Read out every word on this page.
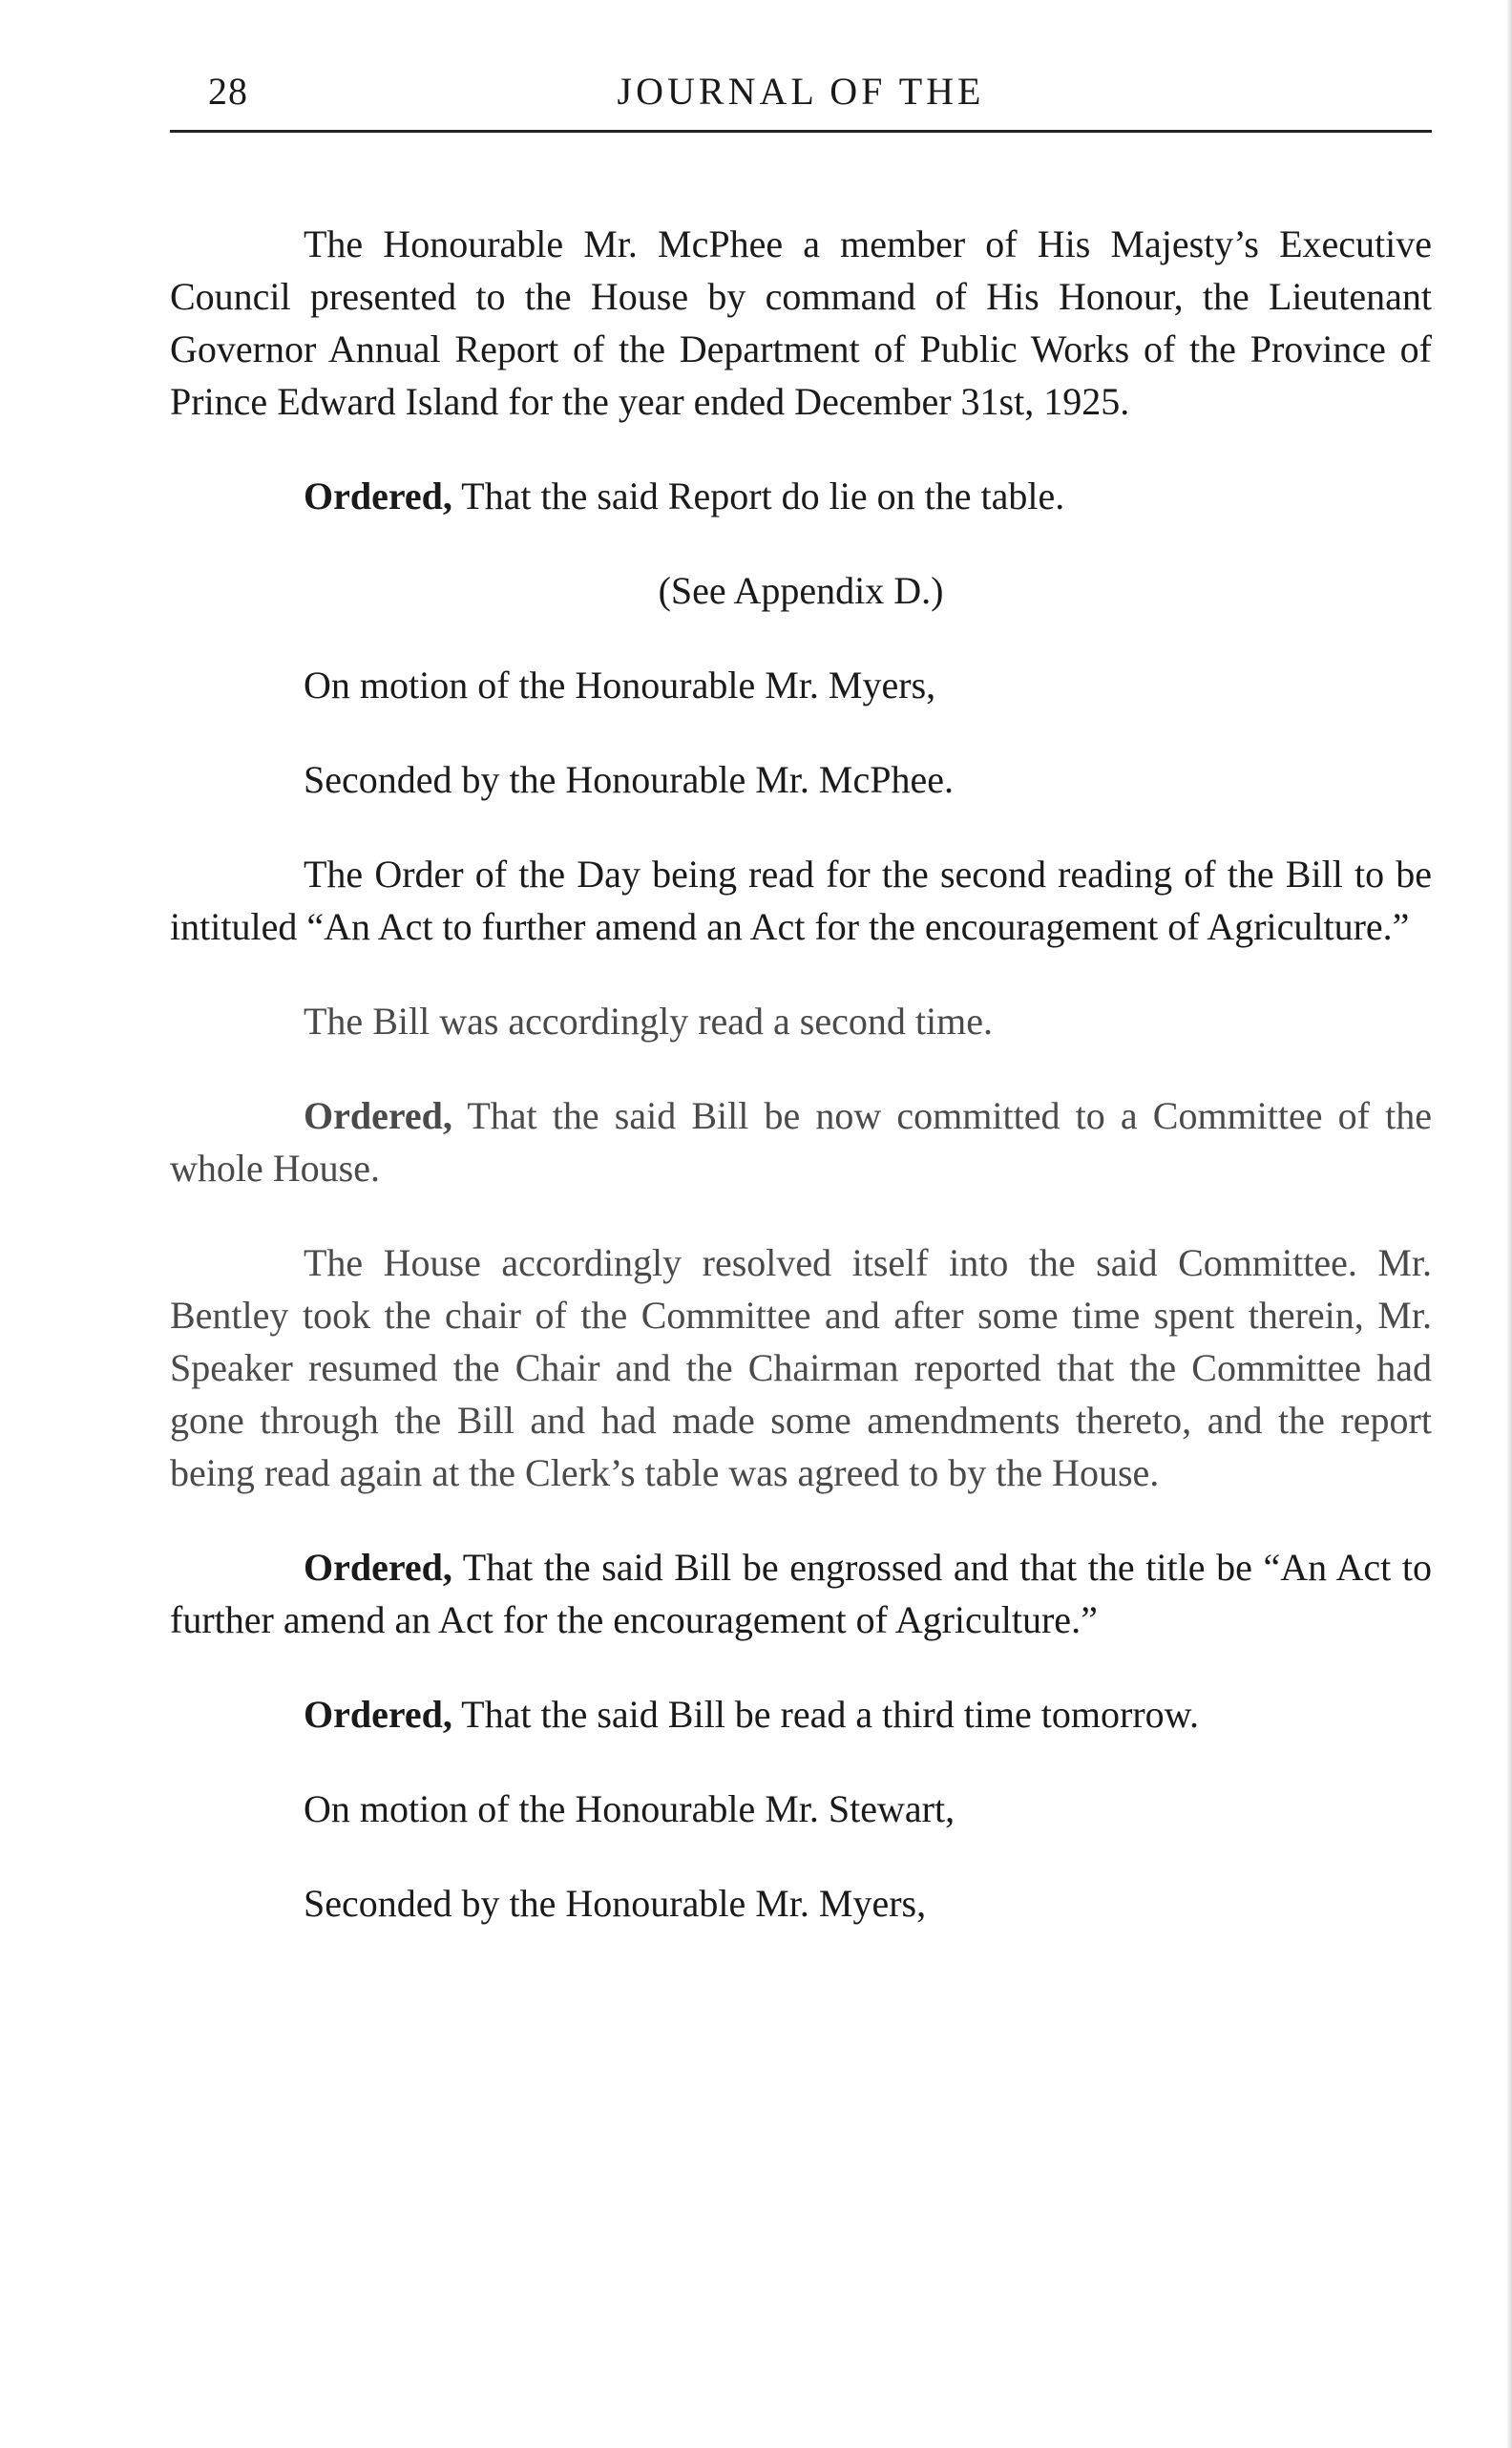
28	JOURNAL OF THE

The Honourable Mr. McPhee a member of His Majesty’s Executive Council presented to the House by command of His Honour, the Lieutenant Governor Annual Report of the Department of Public Works of the Province of Prince Edward Island for the year ended December 31st, 1925.

Ordered, That the said Report do lie on the table.

(See Appendix D.)

On motion of the Honourable Mr. Myers,

Seconded by the Honourable Mr. McPhee.

The Order of the Day being read for the second reading of the Bill to be intituled “An Act to further amend an Act for the encouragement of Agriculture.”

The Bill was accordingly read a second time.

Ordered, That the said Bill be now committed to a Committee of the whole House.

The House accordingly resolved itself into the said Committee. Mr. Bentley took the chair of the Committee and after some time spent therein, Mr. Speaker resumed the Chair and the Chairman reported that the Committee had gone through the Bill and had made some amendments thereto, and the report being read again at the Clerk’s table was agreed to by the House.

Ordered, That the said Bill be engrossed and that the title be “An Act to further amend an Act for the encouragement of Agriculture.”

Ordered, That the said Bill be read a third time tomorrow.

On motion of the Honourable Mr. Stewart,

Seconded by the Honourable Mr. Myers,
